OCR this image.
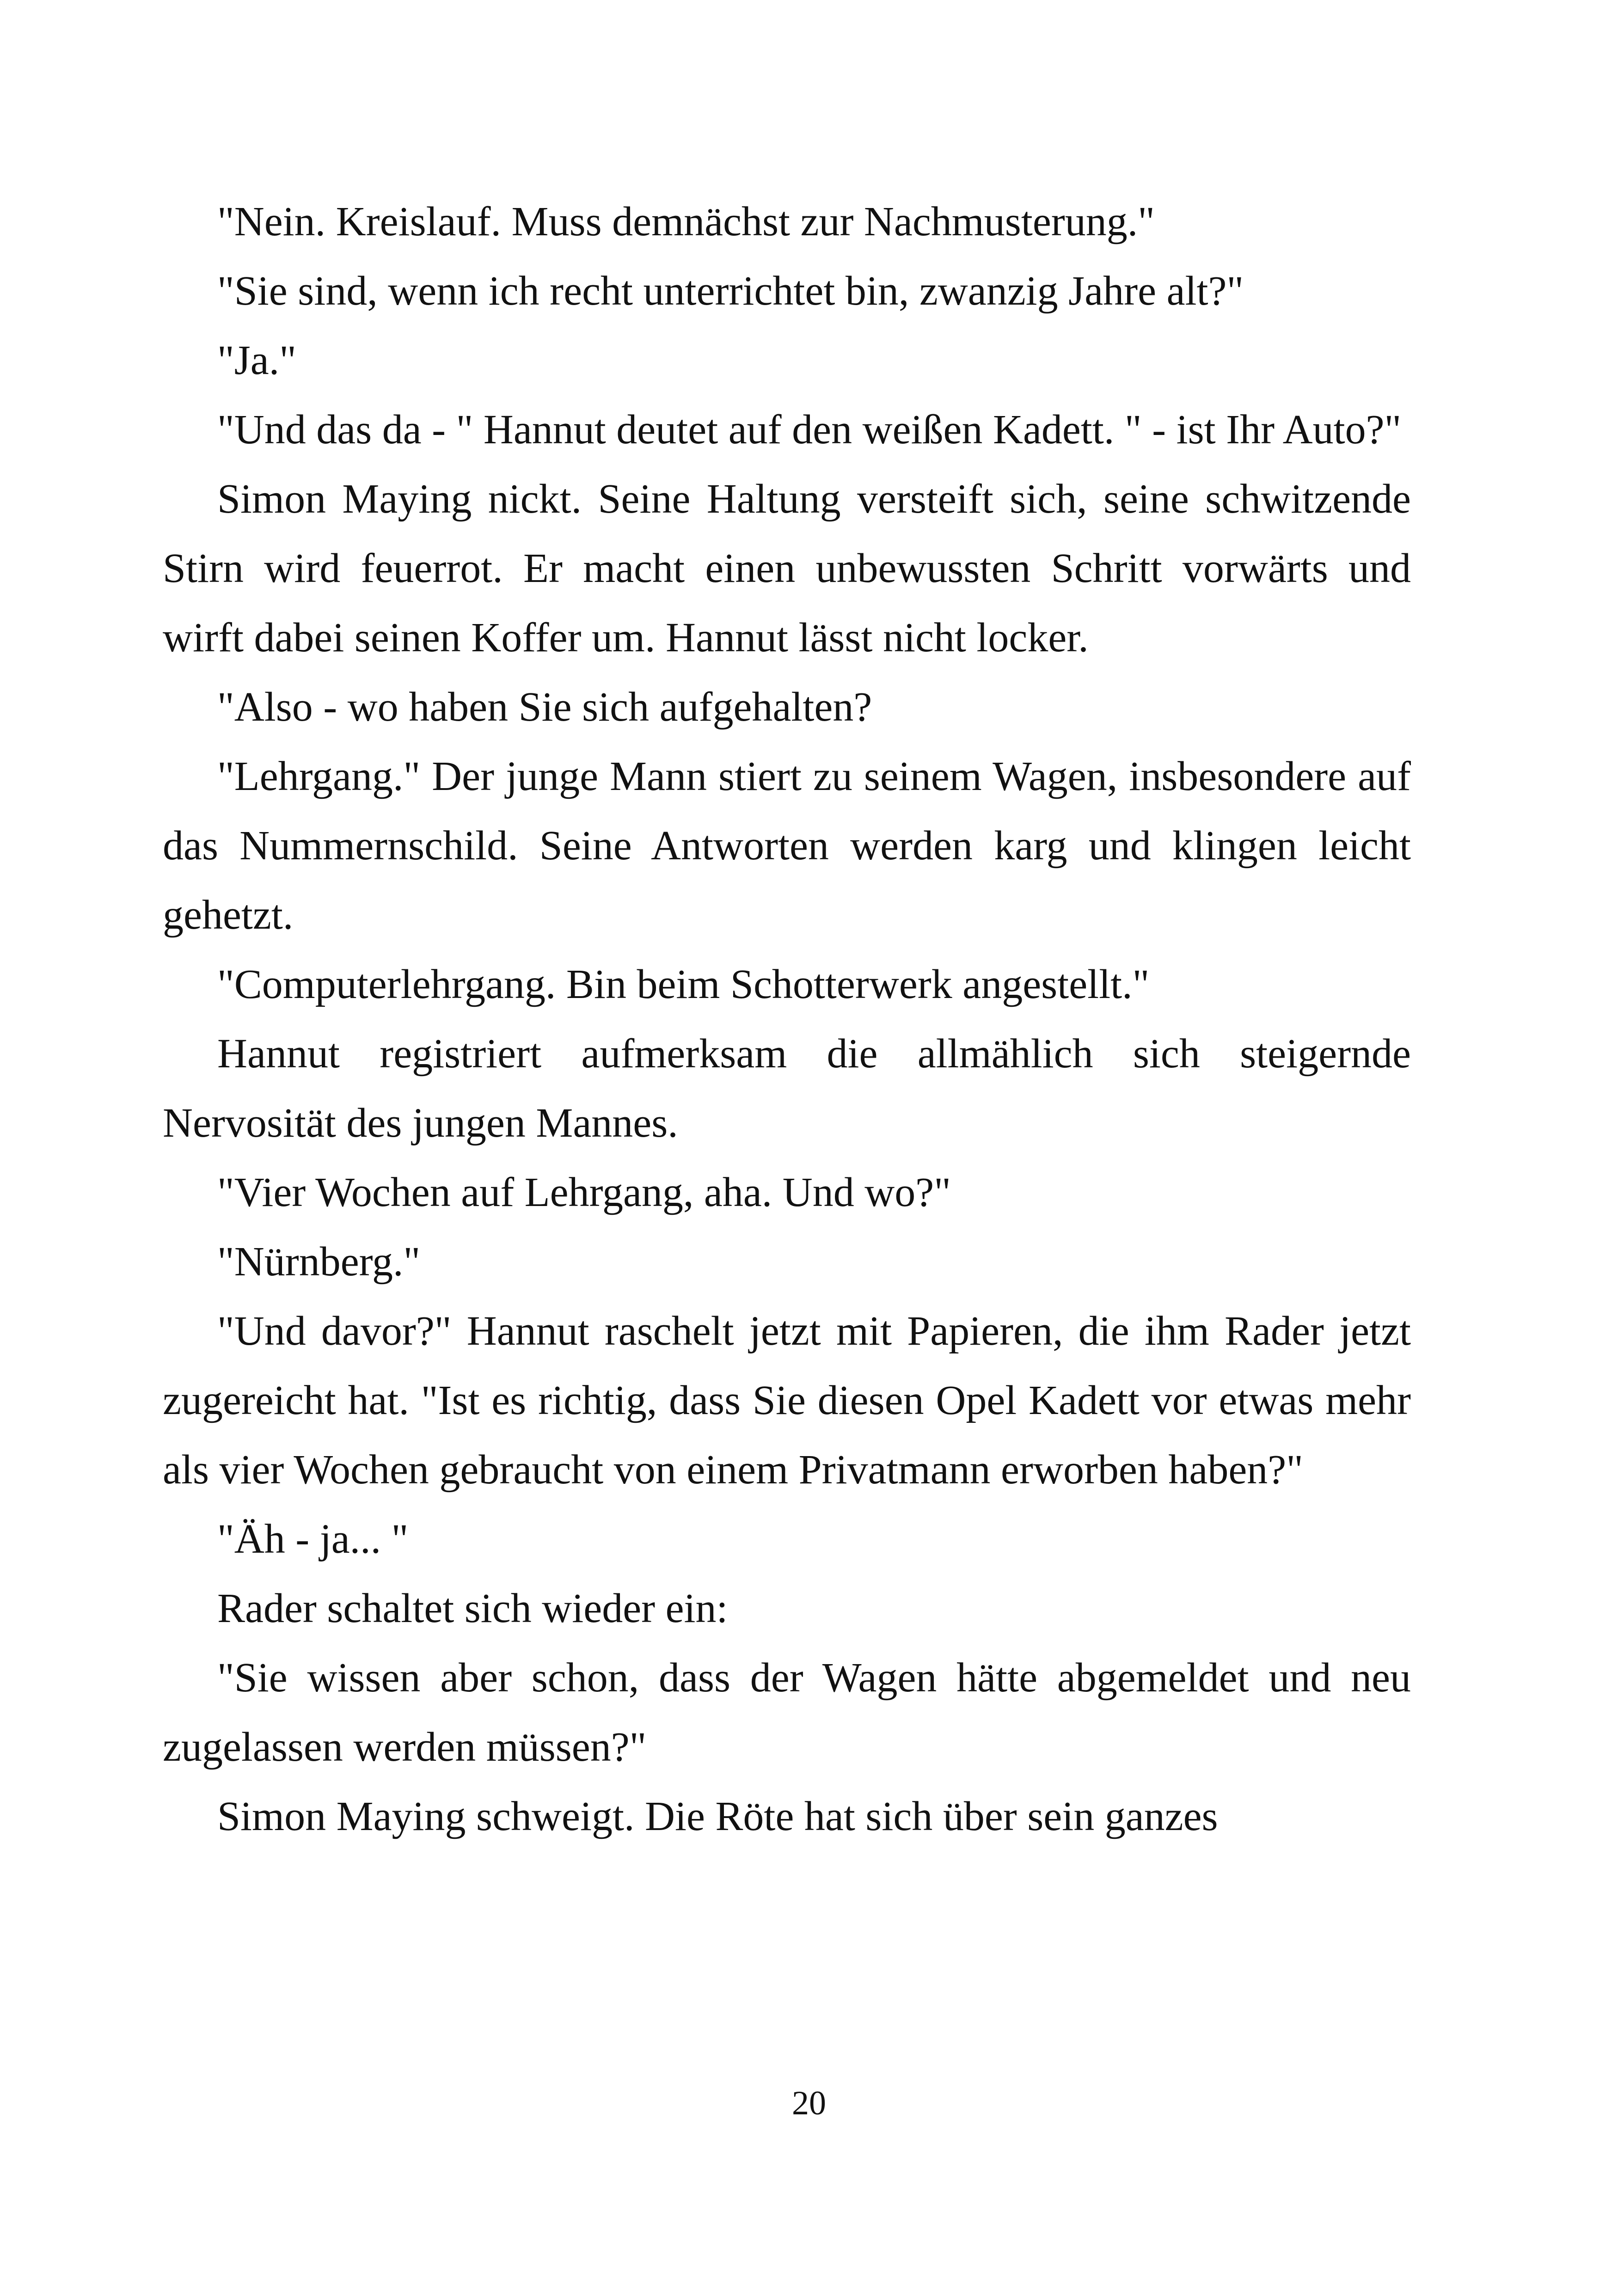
"Nein. Kreislauf. Muss demnächst zur Nachmusterung."

"Sie sind, wenn ich recht unterrichtet bin, zwanzig Jahre alt?"

"Ja."

"Und das da - " Hannut deutet auf den weißen Kadett. " - ist Ihr Auto?"

Simon Maying nickt. Seine Haltung versteift sich, seine schwitzende Stirn wird feuerrot. Er macht einen unbewussten Schritt vorwärts und wirft dabei seinen Koffer um. Hannut lässt nicht locker.

"Also - wo haben Sie sich aufgehalten?

"Lehrgang." Der junge Mann stiert zu seinem Wagen, insbesondere auf das Nummernschild. Seine Antworten werden karg und klingen leicht gehetzt.

"Computerlehrgang. Bin beim Schotterwerk angestellt."

Hannut registriert aufmerksam die allmählich sich steigernde Nervosität des jungen Mannes.

"Vier Wochen auf Lehrgang, aha. Und wo?"

"Nürnberg."

"Und davor?" Hannut raschelt jetzt mit Papieren, die ihm Rader jetzt zugereicht hat. "Ist es richtig, dass Sie diesen Opel Kadett vor etwas mehr als vier Wochen gebraucht von einem Privatmann erworben haben?"

"Äh - ja... "

Rader schaltet sich wieder ein:

"Sie wissen aber schon, dass der Wagen hätte abgemeldet und neu zugelassen werden müssen?"

Simon Maying schweigt. Die Röte hat sich über sein ganzes

20
